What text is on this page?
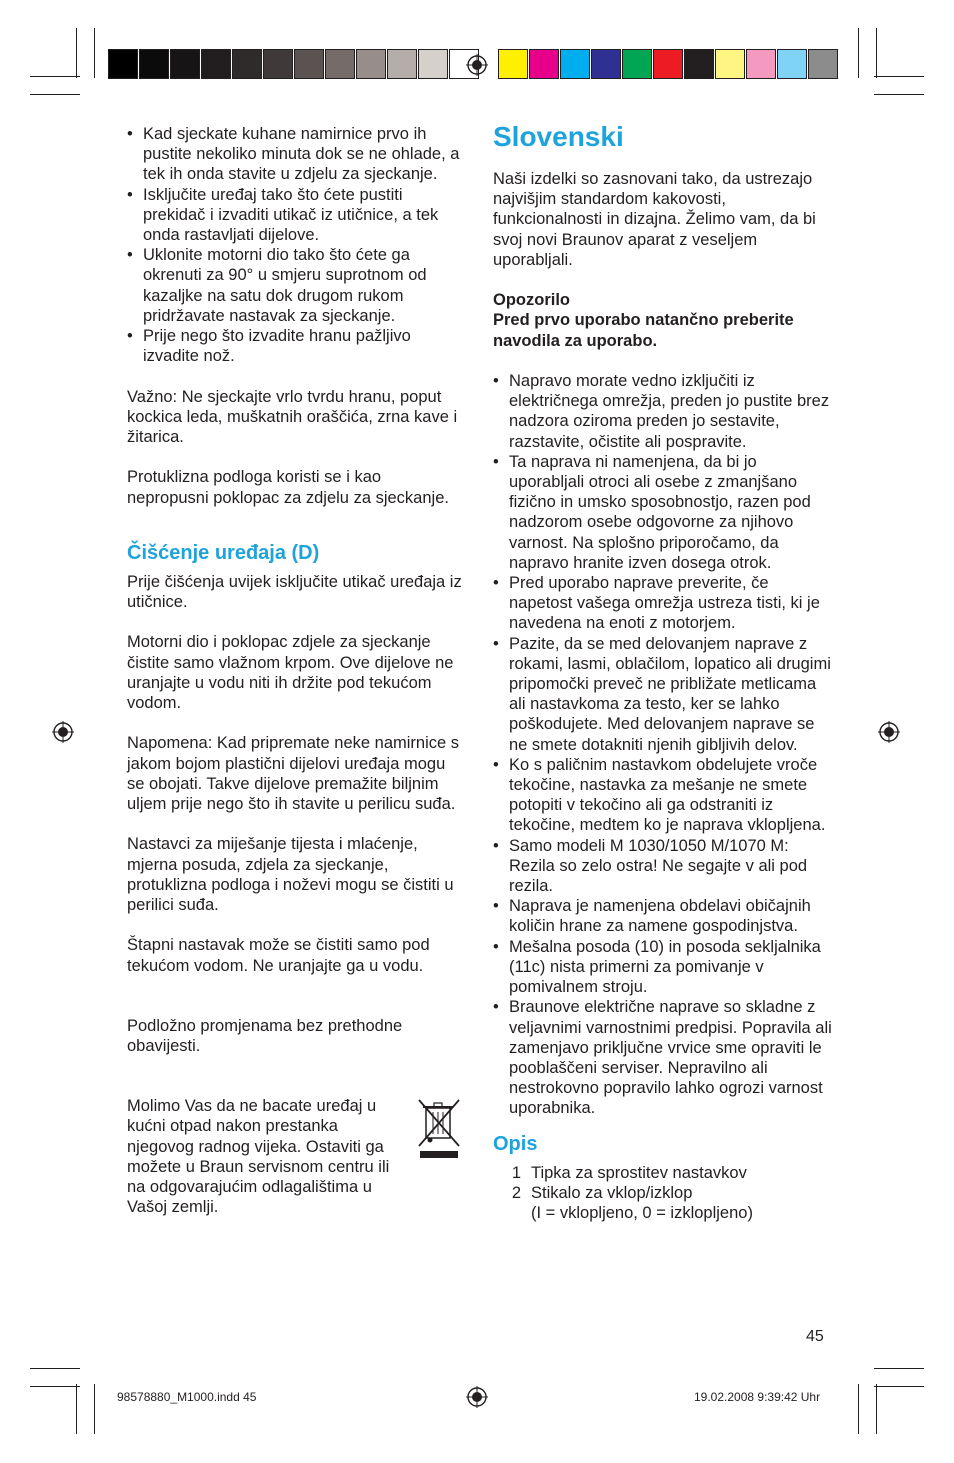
• Kad sjeckate kuhane namirnice prvo ih pustite nekoliko minuta dok se ne ohlade, a tek ih onda stavite u zdjelu za sjeckanje.
• Isključite uređaj tako što ćete pustiti prekidač i izvaditi utikač iz utičnice, a tek onda rastavljati dijelove.
• Uklonite motorni dio tako što ćete ga okrenuti za 90° u smjeru suprotnom od kazaljke na satu dok drugom rukom pridržavate nastavak za sjeckanje.
• Prije nego što izvadite hranu pažljivo izvadite nož.

Važno: Ne sjeckajte vrlo tvrdu hranu, poput kockica leda, muškatnih oraščića, zrna kave i žitarica.

Protuklizna podloga koristi se i kao nepropusni poklopac za zdjelu za sjeckanje.

Čišćenje uređaja (D)

Prije čišćenja uvijek isključite utikač uređaja iz utičnice.

Motorni dio i poklopac zdjele za sjeckanje čistite samo vlažnom krpom. Ove dijelove ne uranjajte u vodu niti ih držite pod tekućom vodom.

Napomena: Kad pripremate neke namirnice s jakom bojom plastični dijelovi uređaja mogu se obojati. Takve dijelove premažite biljnim uljem prije nego što ih stavite u perilicu suđa.

Nastavci za miješanje tijesta i mlaćenje, mjerna posuda, zdjela za sjeckanje, protuklizna podloga i noževi mogu se čistiti u perilici suđa.

Štapni nastavak može se čistiti samo pod tekućom vodom. Ne uranjajte ga u vodu.

Podložno promjenama bez prethodne obavijesti.

Molimo Vas da ne bacate uređaj u kućni otpad nakon prestanka njegovog radnog vijeka. Ostaviti ga možete u Braun servisnom centru ili na odgovarajućim odlagalištima u Vašoj zemlji.

Slovenski

Naši izdelki so zasnovani tako, da ustrezajo najvišjim standardom kakovosti, funkcionalnosti in dizajna. Želimo vam, da bi svoj novi Braunov aparat z veseljem uporabljali.

Opozorilo

Pred prvo uporabo natančno preberite navodila za uporabo.

• Napravo morate vedno izključiti iz električnega omrežja, preden jo pustite brez nadzora oziroma preden jo sestavite, razstavite, očistite ali pospravite.
• Ta naprava ni namenjena, da bi jo uporabljali otroci ali osebe z zmanjšano fizično in umsko sposobnostjo, razen pod nadzorom osebe odgovorne za njihovo varnost. Na splošno priporočamo, da napravo hranite izven dosega otrok.
• Pred uporabo naprave preverite, če napetost vašega omrežja ustreza tisti, ki je navedena na enoti z motorjem.
• Pazite, da se med delovanjem naprave z rokami, lasmi, oblačilom, lopatico ali drugimi pripomočki preveč ne približate metlicama ali nastavkoma za testo, ker se lahko poškodujete. Med delovanjem naprave se ne smete dotakniti njenih gibljivih delov.
• Ko s paličnim nastavkom obdelujete vroče tekočine, nastavka za mešanje ne smete potopiti v tekočino ali ga odstraniti iz tekočine, medtem ko je naprava vklopljena.
• Samo modeli M 1030/1050 M/1070 M: Rezila so zelo ostra! Ne segajte v ali pod rezila.
• Naprava je namenjena obdelavi običajnih količin hrane za namene gospodinjstva.
• Mešalna posoda (10) in posoda sekljalnika (11c) nista primerni za pomivanje v pomivalnem stroju.
• Braunove električne naprave so skladne z veljavnimi varnostnimi predpisi. Popravila ali zamenjavo priključne vrvice sme opraviti le pooblaščeni serviser. Nepravilno ali nestrokovno popravilo lahko ogrozi varnost uporabnika.
Opis
1 Tipka za sprostitev nastavkov
2 Stikalo za vklop/izklop
(I = vklopljeno, 0 = izklopljeno)
45
98578880_M1000.indd 45	19.02.2008 9:39:42 Uhr
